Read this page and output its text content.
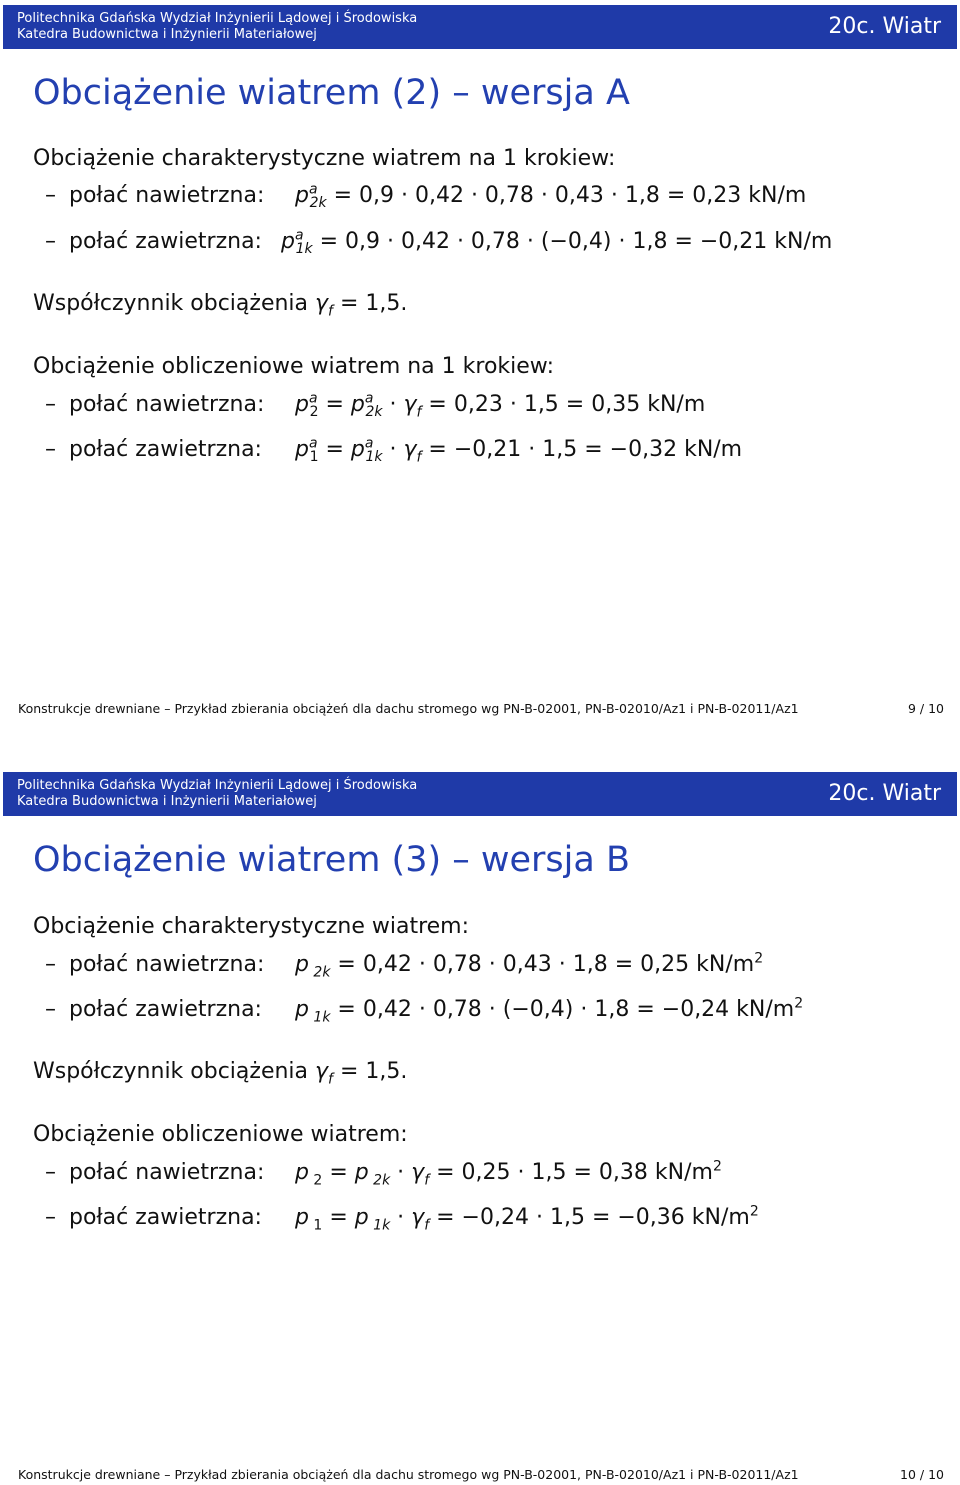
Politechnika Gdańska Wydział Inżynierii Lądowej i Środowiska
Katedra Budownictwa i Inżynierii Materiałowej	20c. Wiatr
Obciążenie wiatrem (2) – wersja A
Obciążenie charakterystyczne wiatrem na 1 krokiew:
– połać nawietrzna: $p^a_{2k} = 0,9 \cdot 0,42 \cdot 0,78 \cdot 0,43 \cdot 1,8 = 0,23$ kN/m
– połać zawietrzna: $p^a_{1k} = 0,9 \cdot 0,42 \cdot 0,78 \cdot (-0,4) \cdot 1,8 = -0,21$ kN/m
Współczynnik obciążenia $\gamma_f = 1,5$.
Obciążenie obliczeniowe wiatrem na 1 krokiew:
– połać nawietrzna: $p^a_2 = p^a_{2k} \cdot \gamma_f = 0,23 \cdot 1,5 = 0,35$ kN/m
– połać zawietrzna: $p^a_1 = p^a_{1k} \cdot \gamma_f = -0,21 \cdot 1,5 = -0,32$ kN/m
Konstrukcje drewniane – Przykład zbierania obciążeń dla dachu stromego wg PN-B-02001, PN-B-02010/Az1 i PN-B-02011/Az1	9 / 10
Politechnika Gdańska Wydział Inżynierii Lądowej i Środowiska
Katedra Budownictwa i Inżynierii Materiałowej	20c. Wiatr
Obciążenie wiatrem (3) – wersja B
Obciążenie charakterystyczne wiatrem:
– połać nawietrzna: p $_{2k}$ = 0,42 · 0,78 · 0,43 · 1,8 = 0,25 $kN/m^2$
– połać zawietrzna: p $_{1k}$ = 0,42 · 0,78 · (−0,4) · 1,8 = −0,24 $kN/m^2$
Współczynnik obciążenia $\gamma_f = 1,5$.
Obciążenie obliczeniowe wiatrem:
– połać nawietrzna: p $_2$ = p $_{2k} \cdot \gamma_f = 0,25 \cdot 1,5 = 0,38$ $kN/m^2$
– połać zawietrzna: p $_1$ = p $_{1k} \cdot \gamma_f = -0,24 \cdot 1,5 = -0,36$ $kN/m^2$
Konstrukcje drewniane – Przykład zbierania obciążeń dla dachu stromego wg PN-B-02001, PN-B-02010/Az1 i PN-B-02011/Az1	10 / 10
